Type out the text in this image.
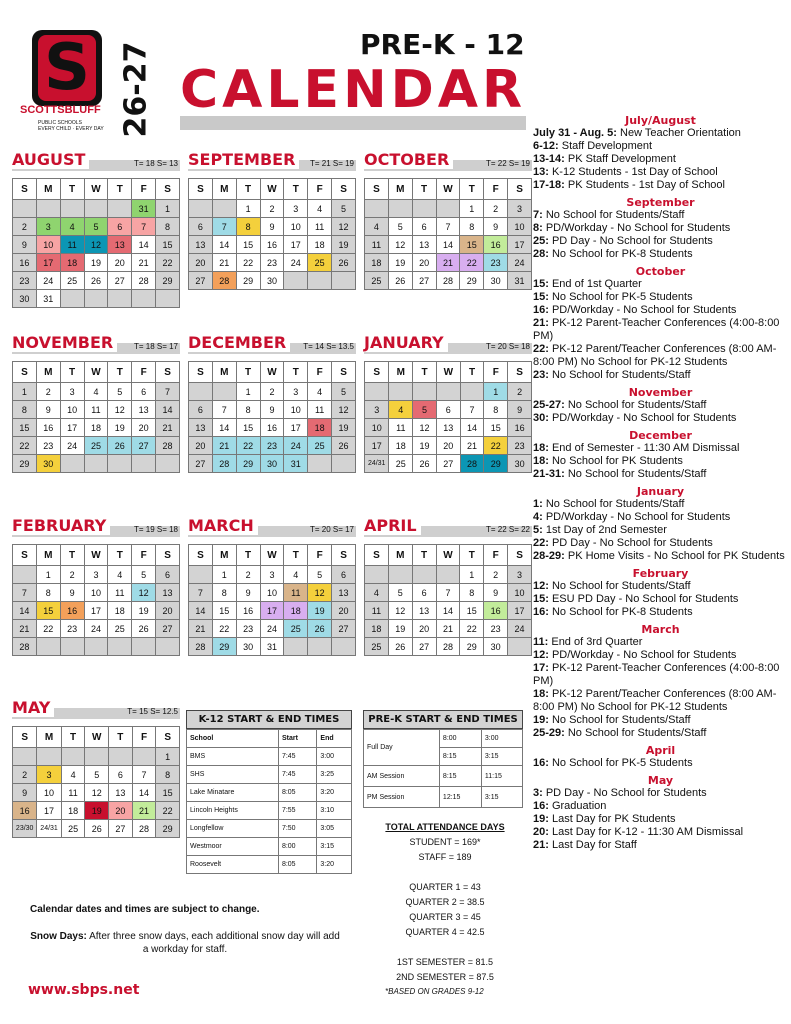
S
SCOTTSBLUFF
PUBLIC SCHOOLS
EVERY CHILD · EVERY DAY 26-27	PRE-K - 12
CALENDAR
AUGUST	T= 18 S= 13
S	M	T	W	T	F	S
					31	1
2	3	4	5	6	7	8
9	10	11	12	13	14	15
16	17	18	19	20	21	22
23	24	25	26	27	28	29
30	31					
SEPTEMBER	T= 21 S= 19
S	M	T	W	T	F	S
		1	2	3	4	5
6	7	8	9	10	11	12
13	14	15	16	17	18	19
20	21	22	23	24	25	26
27	28	29	30			
OCTOBER	T= 22 S= 19
S	M	T	W	T	F	S
				1	2	3
4	5	6	7	8	9	10
11	12	13	14	15	16	17
18	19	20	21	22	23	24
25	26	27	28	29	30	31
NOVEMBER	T= 18 S= 17
S	M	T	W	T	F	S
1	2	3	4	5	6	7
8	9	10	11	12	13	14
15	16	17	18	19	20	21
22	23	24	25	26	27	28
29	30					
DECEMBER	T= 14 S= 13.5
S	M	T	W	T	F	S
		1	2	3	4	5
6	7	8	9	10	11	12
13	14	15	16	17	18	19
20	21	22	23	24	25	26
27	28	29	30	31		
JANUARY	T= 20 S= 18
S	M	T	W	T	F	S
					1	2
3	4	5	6	7	8	9
10	11	12	13	14	15	16
17	18	19	20	21	22	23
24/31	25	26	27	28	29	30
FEBRUARY	T= 19 S= 18
S	M	T	W	T	F	S
	1	2	3	4	5	6
7	8	9	10	11	12	13
14	15	16	17	18	19	20
21	22	23	24	25	26	27
28						
MARCH	T= 20 S= 17
S	M	T	W	T	F	S
	1	2	3	4	5	6
7	8	9	10	11	12	13
14	15	16	17	18	19	20
21	22	23	24	25	26	27
28	29	30	31			
APRIL	T= 22 S= 22
S	M	T	W	T	F	S
				1	2	3
4	5	6	7	8	9	10
11	12	13	14	15	16	17
18	19	20	21	22	23	24
25	26	27	28	29	30	
MAY	T= 15 S= 12.5
S	M	T	W	T	F	S
						1
2	3	4	5	6	7	8
9	10	11	12	13	14	15
16	17	18	19	20	21	22
23/30	24/31	25	26	27	28	29
K-12 START & END TIMES
School	Start	End
BMS	7:45	3:00
SHS	7:45	3:25
Lake Minatare	8:05	3:20
Lincoln Heights	7:55	3:10
Longfellow	7:50	3:05
Westmoor	8:00	3:15
Roosevelt	8:05	3:20
PRE-K START & END TIMES
Full Day	8:00	3:00
	8:15	3:15
AM Session	8:15	11:15
PM Session	12:15	3:15
TOTAL ATTENDANCE DAYS
STUDENT = 169*
STAFF = 189

QUARTER 1 = 43
QUARTER 2 = 38.5
QUARTER 3 = 45
QUARTER 4 = 42.5

1ST SEMESTER = 81.5
2ND SEMESTER = 87.5
Calendar dates and times are subject to change.
Snow Days: After three snow days, each additional snow day will add a workday for staff.
www.sbps.net	*BASED ON GRADES 9-12
July/August
July 31 - Aug. 5: New Teacher Orientation
6-12: Staff Development
13-14: PK Staff Development
13: K-12 Students - 1st Day of School
17-18: PK Students - 1st Day of School
September
7: No School for Students/Staff
8: PD/Workday - No School for Students
25: PD Day - No School for Students
28: No School for PK-8 Students
October
15: End of 1st Quarter
15: No School for PK-5 Students
16: PD/Workday - No School for Students
21: PK-12 Parent-Teacher Conferences (4:00-8:00 PM)
22: PK-12 Parent/Teacher Conferences (8:00 AM-8:00 PM) No School for PK-12 Students
23: No School for Students/Staff
November
25-27: No School for Students/Staff
30: PD/Workday - No School for Students
December
18: End of Semester - 11:30 AM Dismissal
18: No School for PK Students
21-31: No School for Students/Staff
January
1: No School for Students/Staff
4: PD/Workday - No School for Students
5: 1st Day of 2nd Semester
22: PD Day - No School for Students
28-29: PK Home Visits - No School for PK Students
February
12: No School for Students/Staff
15: ESU PD Day - No School for Students
16: No School for PK-8 Students
March
11: End of 3rd Quarter
12: PD/Workday - No School for Students
17: PK-12 Parent-Teacher Conferences (4:00-8:00 PM)
18: PK-12 Parent/Teacher Conferences (8:00 AM-8:00 PM) No School for PK-12 Students
19: No School for Students/Staff
25-29: No School for Students/Staff
April
16: No School for PK-5 Students
May
3: PD Day - No School for Students
16: Graduation
19: Last Day for PK Students
20: Last Day for K-12 - 11:30 AM Dismissal
21: Last Day for Staff
